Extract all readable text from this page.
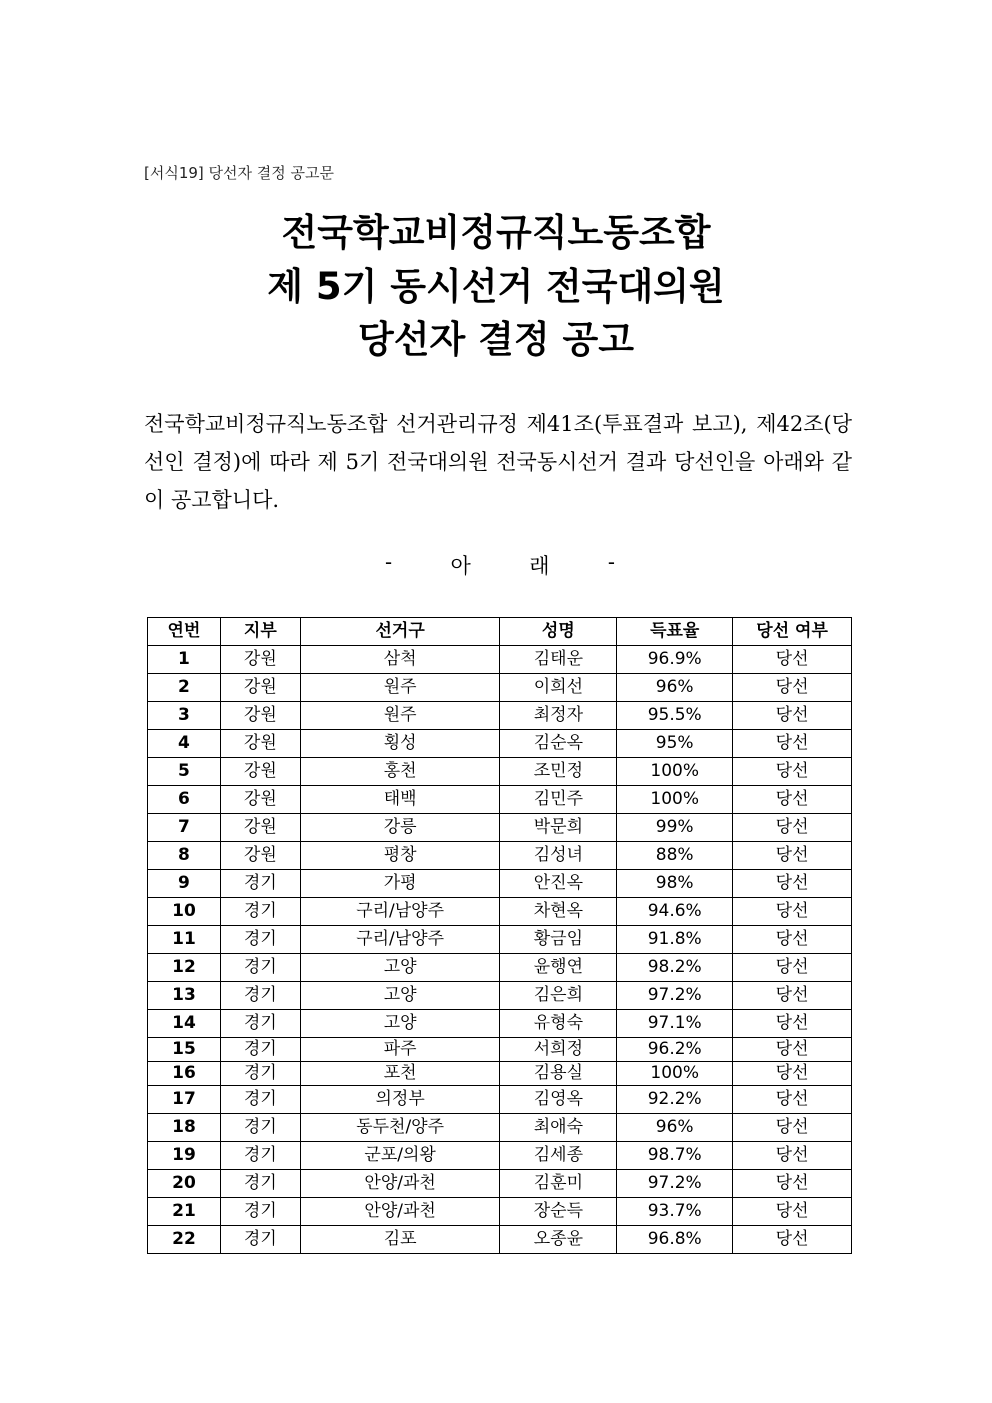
[서식19] 당선자 결정 공고문
전국학교비정규직노동조합
제 5기 동시선거 전국대의원
당선자 결정 공고
전국학교비정규직노동조합 선거관리규정 제41조(투표결과 보고), 제42조(당선인 결정)에 따라 제 5기 전국대의원 전국동시선거 결과 당선인을 아래와 같이 공고합니다.
-	아	래	-
연번	지부	선거구	성명	득표율	당선 여부
1	강원	삼척	김태운	96.9%	당선
2	강원	원주	이희선	96%	당선
3	강원	원주	최정자	95.5%	당선
4	강원	횡성	김순옥	95%	당선
5	강원	홍천	조민정	100%	당선
6	강원	태백	김민주	100%	당선
7	강원	강릉	박문희	99%	당선
8	강원	평창	김성녀	88%	당선
9	경기	가평	안진옥	98%	당선
10	경기	구리/남양주	차현옥	94.6%	당선
11	경기	구리/남양주	황금임	91.8%	당선
12	경기	고양	윤행연	98.2%	당선
13	경기	고양	김은희	97.2%	당선
14	경기	고양	유형숙	97.1%	당선
15	경기	파주	서희정	96.2%	당선
16	경기	포천	김용실	100%	당선
17	경기	의정부	김영옥	92.2%	당선
18	경기	동두천/양주	최애숙	96%	당선
19	경기	군포/의왕	김세종	98.7%	당선
20	경기	안양/과천	김훈미	97.2%	당선
21	경기	안양/과천	장순득	93.7%	당선
22	경기	김포	오종윤	96.8%	당선
